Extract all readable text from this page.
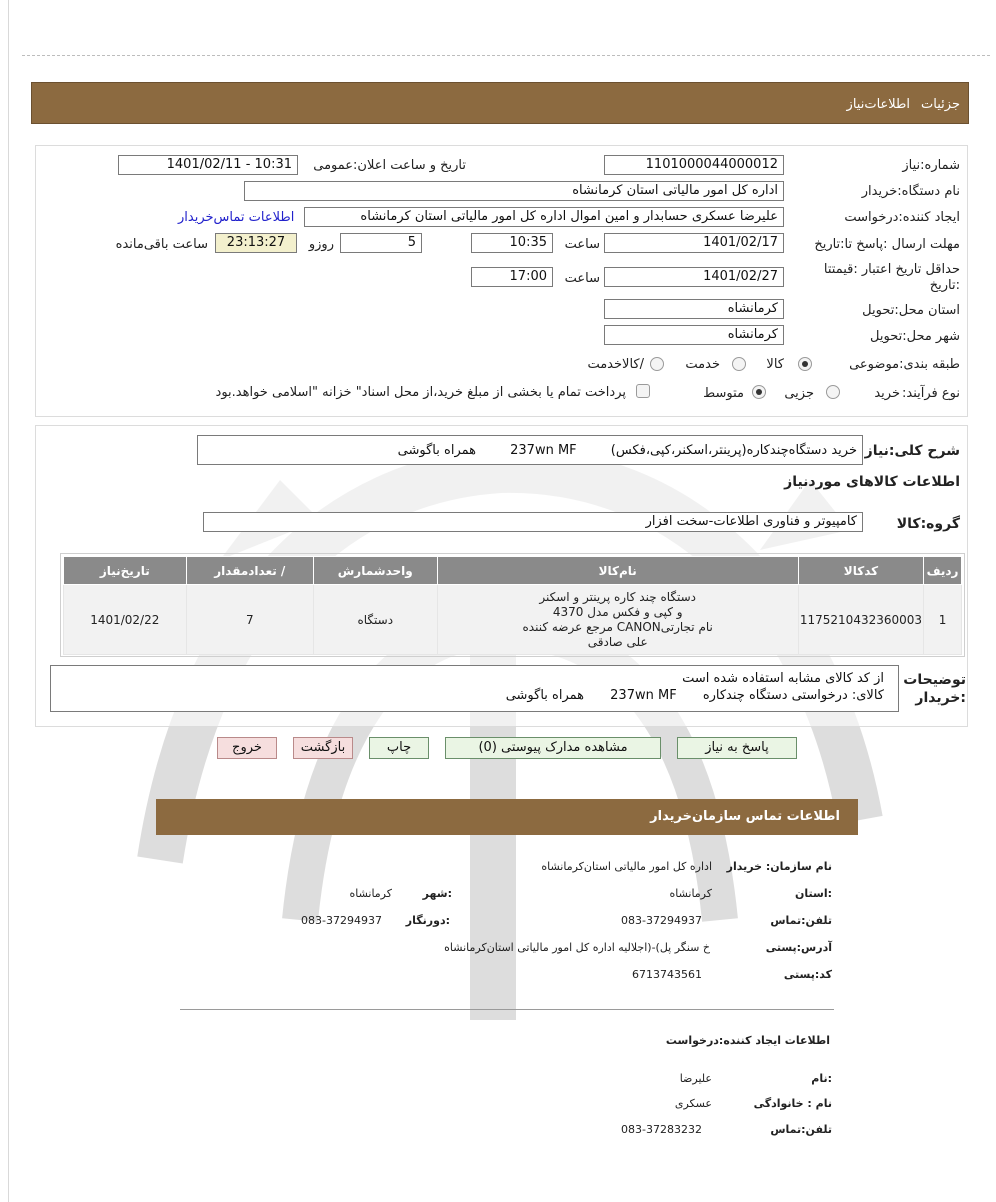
جزئیات
اطلاعات‌نیاز
شماره:نیاز
1101000044000012
تاریخ و ساعت اعلان:عمومی
1401/02/11 - 10:31
نام دستگاه:خریدار
اداره کل امور مالیاتی استان کرمانشاه
ایجاد کننده:درخواست
علیرضا عسکری حسابدار و امین اموال اداره کل امور مالیاتی استان کرمانشاه
اطلاعات تماس‌خریدار
مهلت ارسال :پاسخ تا:تاریخ
1401/02/17
ساعت
10:35
5
روزو
23:13:27
ساعت باقی‌مانده
حداقل تاریخ اعتبار :قیمتتا :تاریخ
1401/02/27
ساعت
17:00
استان محل:تحویل
کرمانشاه
شهر محل:تحویل
کرمانشاه
طبقه بندی:موضوعی
کالا
خدمت
/کالاخدمت
نوع فرآیند:
خرید
جزیی
متوسط
پرداخت تمام یا بخشی از مبلغ خرید،از محل اسناد" خزانه "اسلامی خواهد.بود
شرح کلی:نیاز
خرید دستگاه‌چندکاره(پرینتر،اسکنر،کپی،فکس) 237wn MF همراه باگوشی
اطلاعات کالاهای موردنیاز
گروه:کالا
کامپیوتر و فناوری اطلاعات-سخت افزار
ردیف	کدکالا	نام‌کالا	واحدشمارش	/ تعدادمقدار	تاریخ‌نیاز
1	1175210432360003	دستگاه چند کاره پرینتر و اسکنر
و کپی و فکس مدل 4370
نام تجارتیCANON مرجع عرضه کننده
علی صادقی	دستگاه	7	1401/02/22
توضیحات
:خریدار
از کد کالای مشابه استفاده شده است
کالای: درخواستی دستگاه چندکاره 237wn MF همراه باگوشی
پاسخ به نیاز
مشاهده مدارک پیوستی (0)
چاپ
بازگشت
خروج
اطلاعات تماس سازمان‌خریدار
نام سازمان: خریدار
اداره کل امور مالیاتی استان‌کرمانشاه
:استان
کرمانشاه
:شهر
کرمانشاه
تلفن:تماس
083-37294937
:دورنگار
083-37294937
آدرس:پستی
خ سنگر پل)-(اجلالیه اداره کل امور مالیاتی استان‌کرمانشاه
کد:پستی
6713743561
اطلاعات ایجاد کننده:درخواست
:نام
علیرضا
نام : خانوادگی
عسکری
تلفن:تماس
083-37283232
